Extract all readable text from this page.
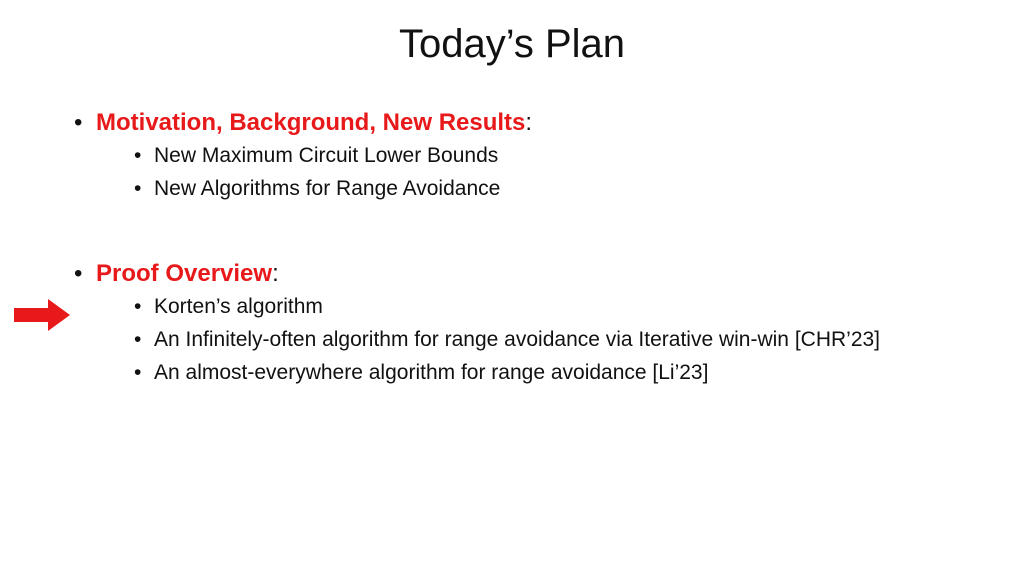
Today’s Plan
• Motivation, Background, New Results:
• New Maximum Circuit Lower Bounds
• New Algorithms for Range Avoidance
• Proof Overview:
• Korten’s algorithm
• An Infinitely-often algorithm for range avoidance via Iterative win-win [CHR’23]
• An almost-everywhere algorithm for range avoidance [Li’23]
